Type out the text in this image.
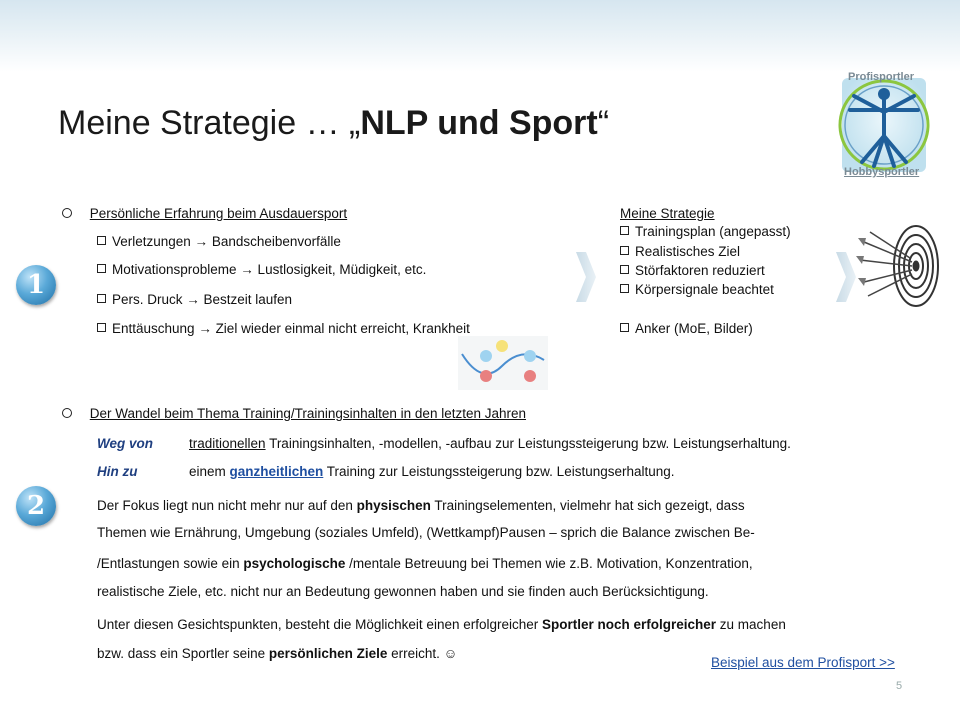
Meine Strategie … „NLP und Sport“
Profisportler
Hobbysportler
1
Persönliche Erfahrung beim Ausdauersport
Verletzungen → Bandscheibenvorfälle
Motivationsprobleme → Lustlosigkeit, Müdigkeit, etc.
Pers. Druck → Bestzeit laufen
Enttäuschung → Ziel wieder einmal nicht erreicht, Krankheit
Meine Strategie
Trainingsplan (angepasst)
Realistisches Ziel
Störfaktoren reduziert
Körpersignale beachtet
Anker (MoE, Bilder)
2
Der Wandel beim Thema Training/Trainingsinhalten in den letzten Jahren
Weg von	traditionellen Trainingsinhalten, -modellen, -aufbau zur Leistungssteigerung bzw. Leistungserhaltung.
Hin zu	einem ganzheitlichen Training zur Leistungssteigerung bzw. Leistungserhaltung.
Der Fokus liegt nun nicht mehr nur auf den physischen Trainingselementen, vielmehr hat sich gezeigt, dass
Themen wie Ernährung, Umgebung (soziales Umfeld), (Wettkampf)Pausen – sprich die Balance zwischen Be-
/Entlastungen sowie ein psychologische /mentale Betreuung bei Themen wie z.B. Motivation, Konzentration,
realistische Ziele, etc. nicht nur an Bedeutung gewonnen haben und sie finden auch Berücksichtigung.
Unter diesen Gesichtspunkten, besteht die Möglichkeit einen erfolgreicher Sportler noch erfolgreicher zu machen
bzw. dass ein Sportler seine persönlichen Ziele erreicht. ☺
Beispiel aus dem Profisport >>
5
